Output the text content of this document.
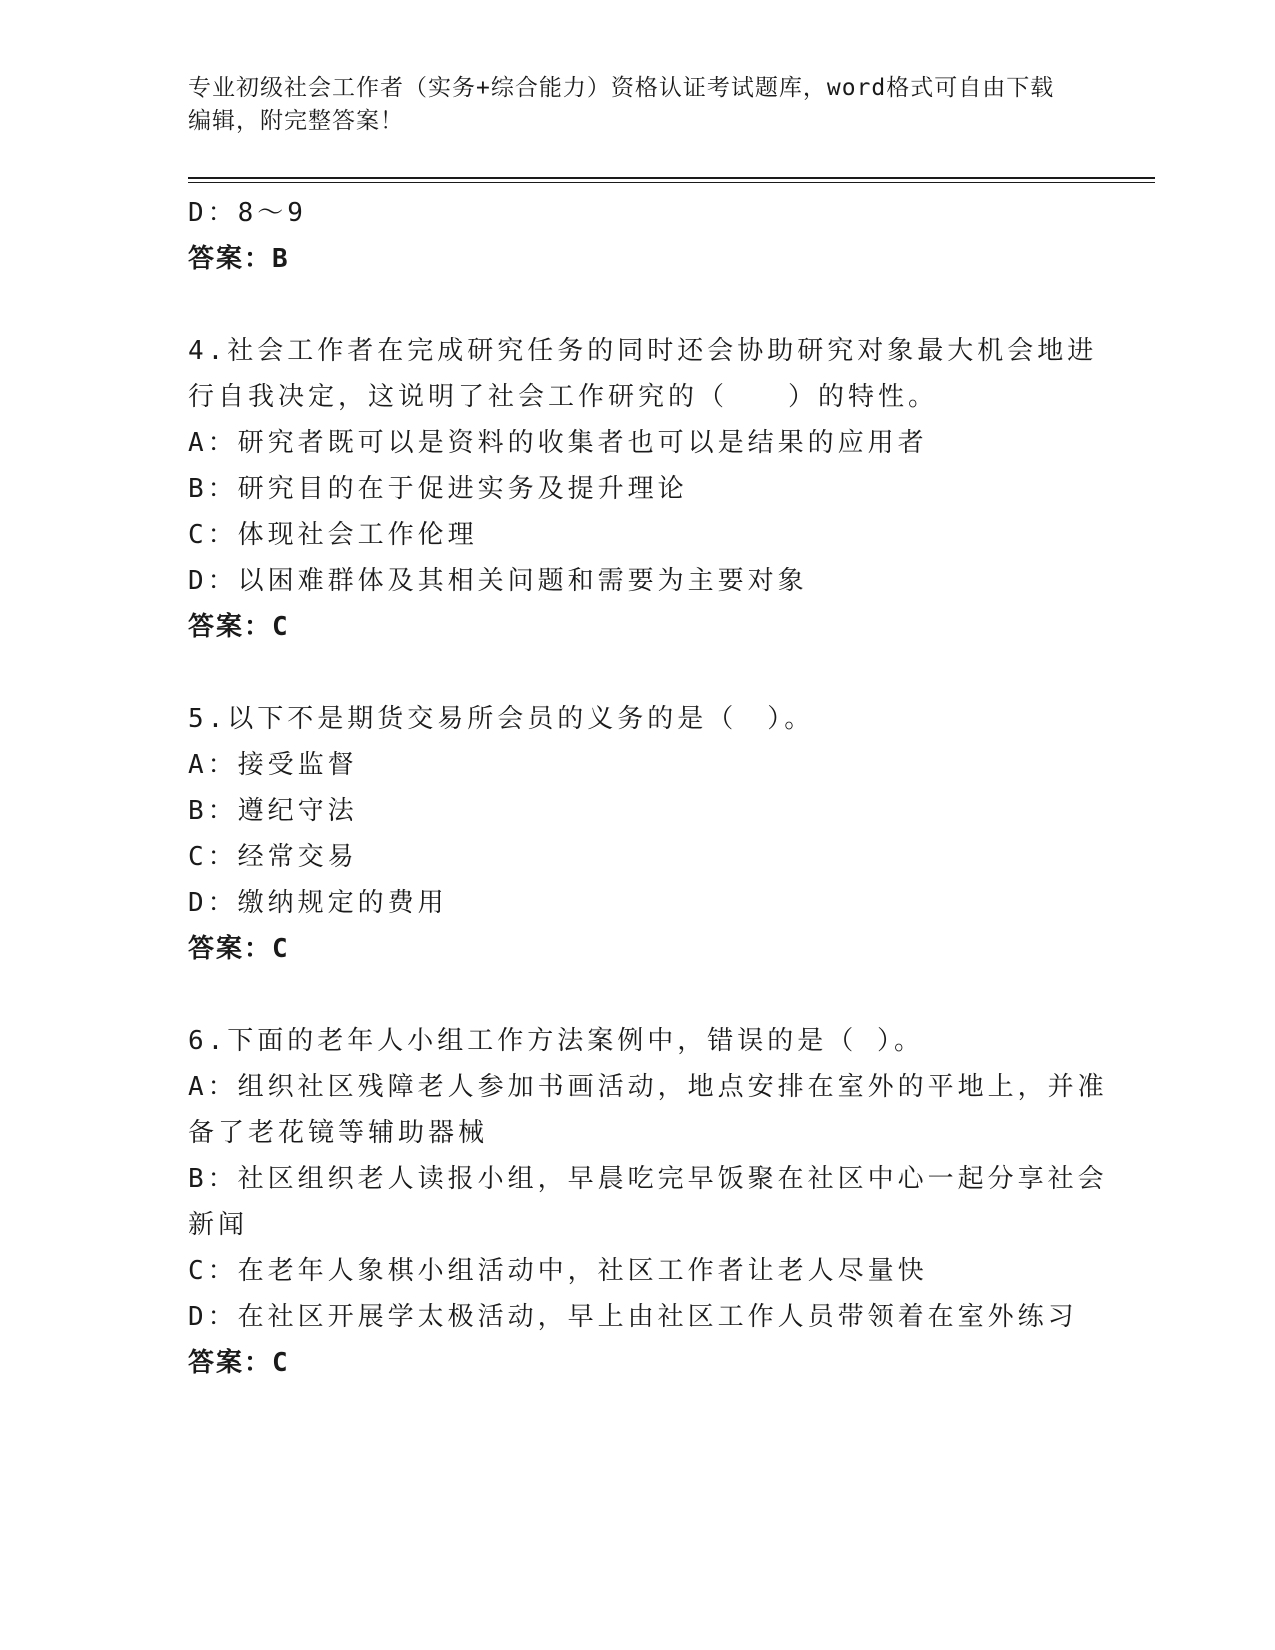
专业初级社会工作者（实务+综合能力）资格认证考试题库，word格式可自由下载
编辑，附完整答案！
D：8～9
答案：B
4.社会工作者在完成研究任务的同时还会协助研究对象最大机会地进
行自我决定，这说明了社会工作研究的（　　）的特性。
A：研究者既可以是资料的收集者也可以是结果的应用者
B：研究目的在于促进实务及提升理论
C：体现社会工作伦理
D：以困难群体及其相关问题和需要为主要对象
答案：C
5.以下不是期货交易所会员的义务的是（　）。
A：接受监督
B：遵纪守法
C：经常交易
D：缴纳规定的费用
答案：C
6.下面的老年人小组工作方法案例中，错误的是（ ）。
A：组织社区残障老人参加书画活动，地点安排在室外的平地上，并准
备了老花镜等辅助器械
B：社区组织老人读报小组，早晨吃完早饭聚在社区中心一起分享社会
新闻
C：在老年人象棋小组活动中，社区工作者让老人尽量快
D：在社区开展学太极活动，早上由社区工作人员带领着在室外练习
答案：C
